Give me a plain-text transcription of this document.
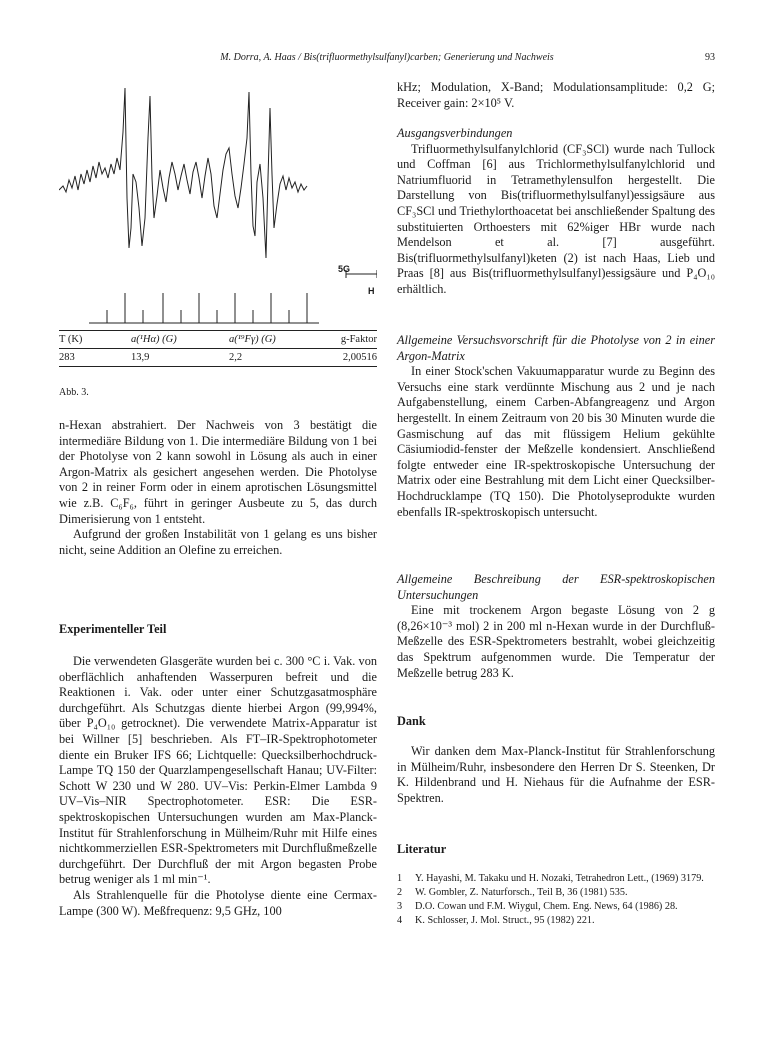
M. Dorra, A. Haas / Bis(trifluormethylsulfanyl)carben; Generierung und Nachweis	93
5G
H
T (K)	a(¹Hα) (G)	a(¹⁹Fγ) (G)	g-Faktor
283	13,9	2,2	2,00516
Abb. 3.

n-Hexan abstrahiert. Der Nachweis von 3 bestätigt die intermediäre Bildung von 1. Die intermediäre Bildung von 1 bei der Photolyse von 2 kann sowohl in Lösung als auch in einer Argon-Matrix als gesichert angesehen werden. Die Photolyse von 2 in reiner Form oder in einem aprotischen Lösungsmittel wie z.B. C₆F₆, führt in geringer Ausbeute zu 5, das durch Dimerisierung von 1 entsteht.

Aufgrund der großen Instabilität von 1 gelang es uns bisher nicht, seine Addition an Olefine zu erreichen.

Experimenteller Teil

Die verwendeten Glasgeräte wurden bei c. 300 °C i. Vak. von oberflächlich anhaftenden Wasserpuren befreit und die Reaktionen i. Vak. oder unter einer Schutzgasatmosphäre durchgeführt. Als Schutzgas diente hierbei Argon (99,994%, über P₄O₁₀ getrocknet). Die verwendete Matrix-Apparatur ist bei Willner [5] beschrieben. Als FT–IR-Spektrophotometer diente ein Bruker IFS 66; Lichtquelle: Quecksilberhochdruck-Lampe TQ 150 der Quarzlampengesellschaft Hanau; UV-Filter: Schott W 230 und W 280. UV–Vis: Perkin-Elmer Lambda 9 UV–Vis–NIR Spectrophotometer. ESR: Die ESR-spektroskopischen Untersuchungen wurden am Max-Planck-Institut für Strahlenforschung in Mülheim/Ruhr mit Hilfe eines nichtkommerziellen ESR-Spektrometers mit Durchflußmeßzelle durchgeführt. Der Durchfluß der mit Argon begasten Probe betrug weniger als 1 ml min⁻¹.

Als Strahlenquelle für die Photolyse diente eine Cermax-Lampe (300 W). Meßfrequenz: 9,5 GHz, 100

kHz; Modulation, X-Band; Modulationsamplitude: 0,2 G; Receiver gain: 2×10⁵ V.

Ausgangsverbindungen

Trifluormethylsulfanylchlorid (CF₃SCl) wurde nach Tullock und Coffman [6] aus Trichlormethylsulfanylchlorid und Natriumfluorid in Tetramethylensulfon hergestellt. Die Darstellung von Bis(trifluormethylsulfanyl)essigsäure aus CF₃SCl und Triethylorthoacetat bei anschließender Spaltung des substituierten Orthoesters mit 62%iger HBr wurde nach Mendelson et al. [7] ausgeführt. Bis(trifluormethylsulfanyl)keten (2) ist nach Haas, Lieb und Praas [8] aus Bis(trifluormethylsulfanyl)essigsäure und P₄O₁₀ erhältlich.

Allgemeine Versuchsvorschrift für die Photolyse von 2 in einer Argon-Matrix

In einer Stock'schen Vakuumapparatur wurde zu Beginn des Versuchs eine stark verdünnte Mischung aus 2 und je nach Aufgabenstellung, einem Carben-Abfangreagenz und Argon hergestellt. In einem Zeitraum von 20 bis 30 Minuten wurde die Gasmischung auf das mit flüssigem Helium gekühlte Cäsiumiodid-fenster der Meßzelle kondensiert. Anschließend folgte entweder eine IR-spektroskopische Untersuchung der Matrix oder eine Bestrahlung mit dem Licht einer Quecksilber-Hochdrucklampe (TQ 150). Die Photolyseprodukte wurden ebenfalls IR-spektroskopisch untersucht.

Allgemeine Beschreibung der ESR-spektroskopischen Untersuchungen

Eine mit trockenem Argon begaste Lösung von 2 g (8,26×10⁻³ mol) 2 in 200 ml n-Hexan wurde in der Durchfluß-Meßzelle des ESR-Spektrometers bestrahlt, wobei gleichzeitig das Spektrum aufgenommen wurde. Die Temperatur der Meßzelle betrug 283 K.

Dank

Wir danken dem Max-Planck-Institut für Strahlenforschung in Mülheim/Ruhr, insbesondere den Herren Dr S. Steenken, Dr K. Hildenbrand und H. Niehaus für die Aufnahme der ESR-Spektren.

Literatur

1 Y. Hayashi, M. Takaku und H. Nozaki, Tetrahedron Lett., (1969) 3179.
2 W. Gombler, Z. Naturforsch., Teil B, 36 (1981) 535.
3 D.O. Cowan und F.M. Wiygul, Chem. Eng. News, 64 (1986) 28.
4 K. Schlosser, J. Mol. Struct., 95 (1982) 221.
